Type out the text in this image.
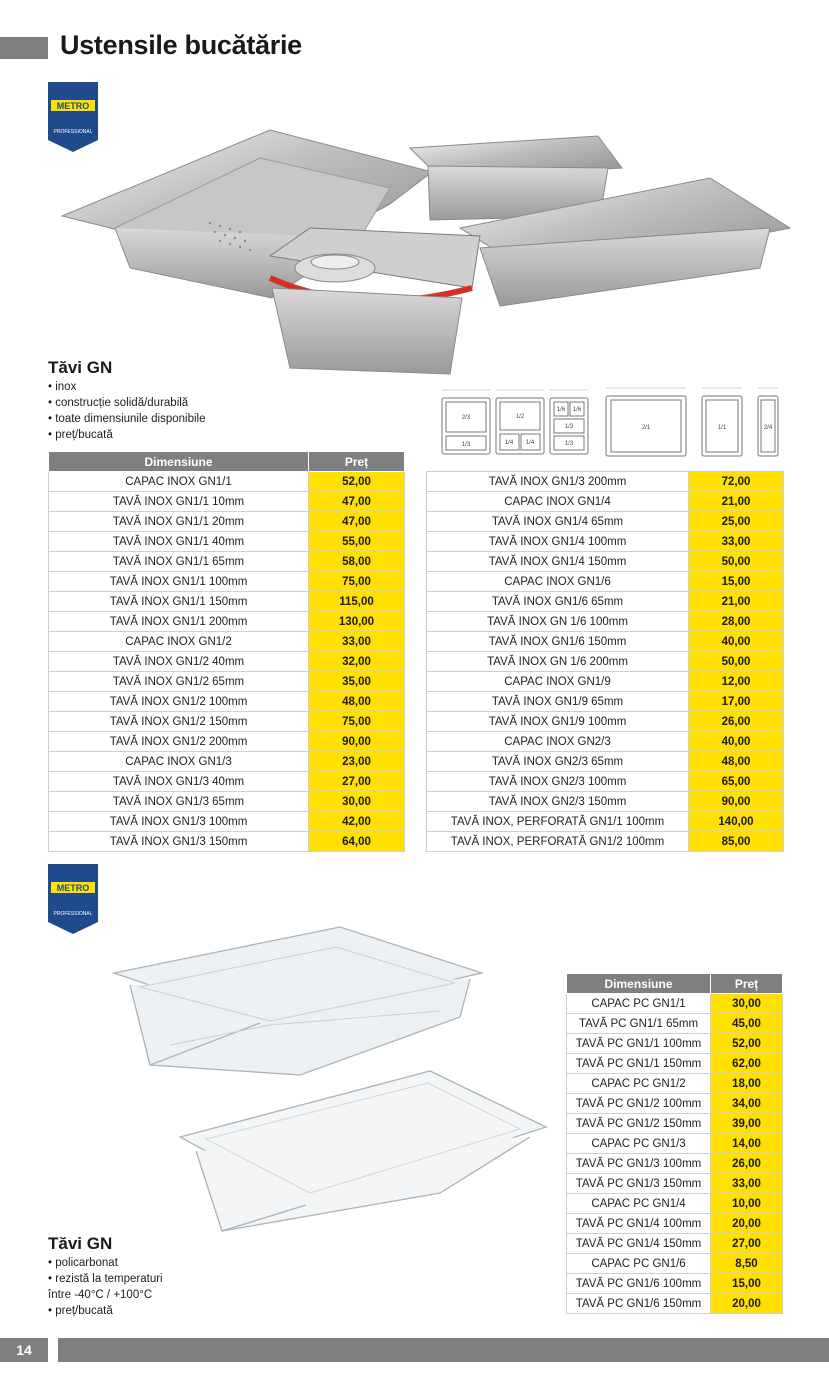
Ustensile bucătărie
METRO
PROFESSIONAL
Tăvi GN
• inox
• construcție solidă/durabilă
• toate dimensiunile disponibile
• preț/bucată
2/3
1/3
1/2
1/4 1/4
1/6 1/6
1/3
1/3
2/1	1/1	2/4
Dimensiune	Preț
CAPAC INOX GN1/1	52,00
TAVĂ INOX GN1/1 10mm	47,00
TAVĂ INOX GN1/1 20mm	47,00
TAVĂ INOX GN1/1 40mm	55,00
TAVĂ INOX GN1/1 65mm	58,00
TAVĂ INOX GN1/1 100mm	75,00
TAVĂ INOX GN1/1 150mm	115,00
TAVĂ INOX GN1/1 200mm	130,00
CAPAC INOX GN1/2	33,00
TAVĂ INOX GN1/2 40mm	32,00
TAVĂ INOX GN1/2 65mm	35,00
TAVĂ INOX GN1/2 100mm	48,00
TAVĂ INOX GN1/2 150mm	75,00
TAVĂ INOX GN1/2 200mm	90,00
CAPAC INOX GN1/3	23,00
TAVĂ INOX GN1/3 40mm	27,00
TAVĂ INOX GN1/3 65mm	30,00
TAVĂ INOX GN1/3 100mm	42,00
TAVĂ INOX GN1/3 150mm	64,00
TAVĂ INOX GN1/3 200mm	72,00
CAPAC INOX GN1/4	21,00
TAVĂ INOX GN1/4 65mm	25,00
TAVĂ INOX GN1/4 100mm	33,00
TAVĂ INOX GN1/4 150mm	50,00
CAPAC INOX GN1/6	15,00
TAVĂ INOX GN1/6 65mm	21,00
TAVĂ INOX GN 1/6 100mm	28,00
TAVĂ INOX GN1/6 150mm	40,00
TAVĂ INOX GN 1/6 200mm	50,00
CAPAC INOX GN1/9	12,00
TAVĂ INOX GN1/9 65mm	17,00
TAVĂ INOX GN1/9 100mm	26,00
CAPAC INOX GN2/3	40,00
TAVĂ INOX GN2/3 65mm	48,00
TAVĂ INOX GN2/3 100mm	65,00
TAVĂ INOX GN2/3 150mm	90,00
TAVĂ INOX, PERFORATĂ GN1/1 100mm	140,00
TAVĂ INOX, PERFORATĂ GN1/2 100mm	85,00
METRO
PROFESSIONAL
Tăvi GN
• policarbonat
• rezistă la temperaturi între -40°C / +100°C
• preț/bucată
Dimensiune	Preț
CAPAC PC GN1/1	30,00
TAVĂ PC GN1/1 65mm	45,00
TAVĂ PC GN1/1 100mm	52,00
TAVĂ PC GN1/1 150mm	62,00
CAPAC PC GN1/2	18,00
TAVĂ PC GN1/2 100mm	34,00
TAVĂ PC GN1/2 150mm	39,00
CAPAC PC GN1/3	14,00
TAVĂ PC GN1/3 100mm	26,00
TAVĂ PC GN1/3 150mm	33,00
CAPAC PC GN1/4	10,00
TAVĂ PC GN1/4 100mm	20,00
TAVĂ PC GN1/4 150mm	27,00
CAPAC PC GN1/6	8,50
TAVĂ PC GN1/6 100mm	15,00
TAVĂ PC GN1/6 150mm	20,00
14
